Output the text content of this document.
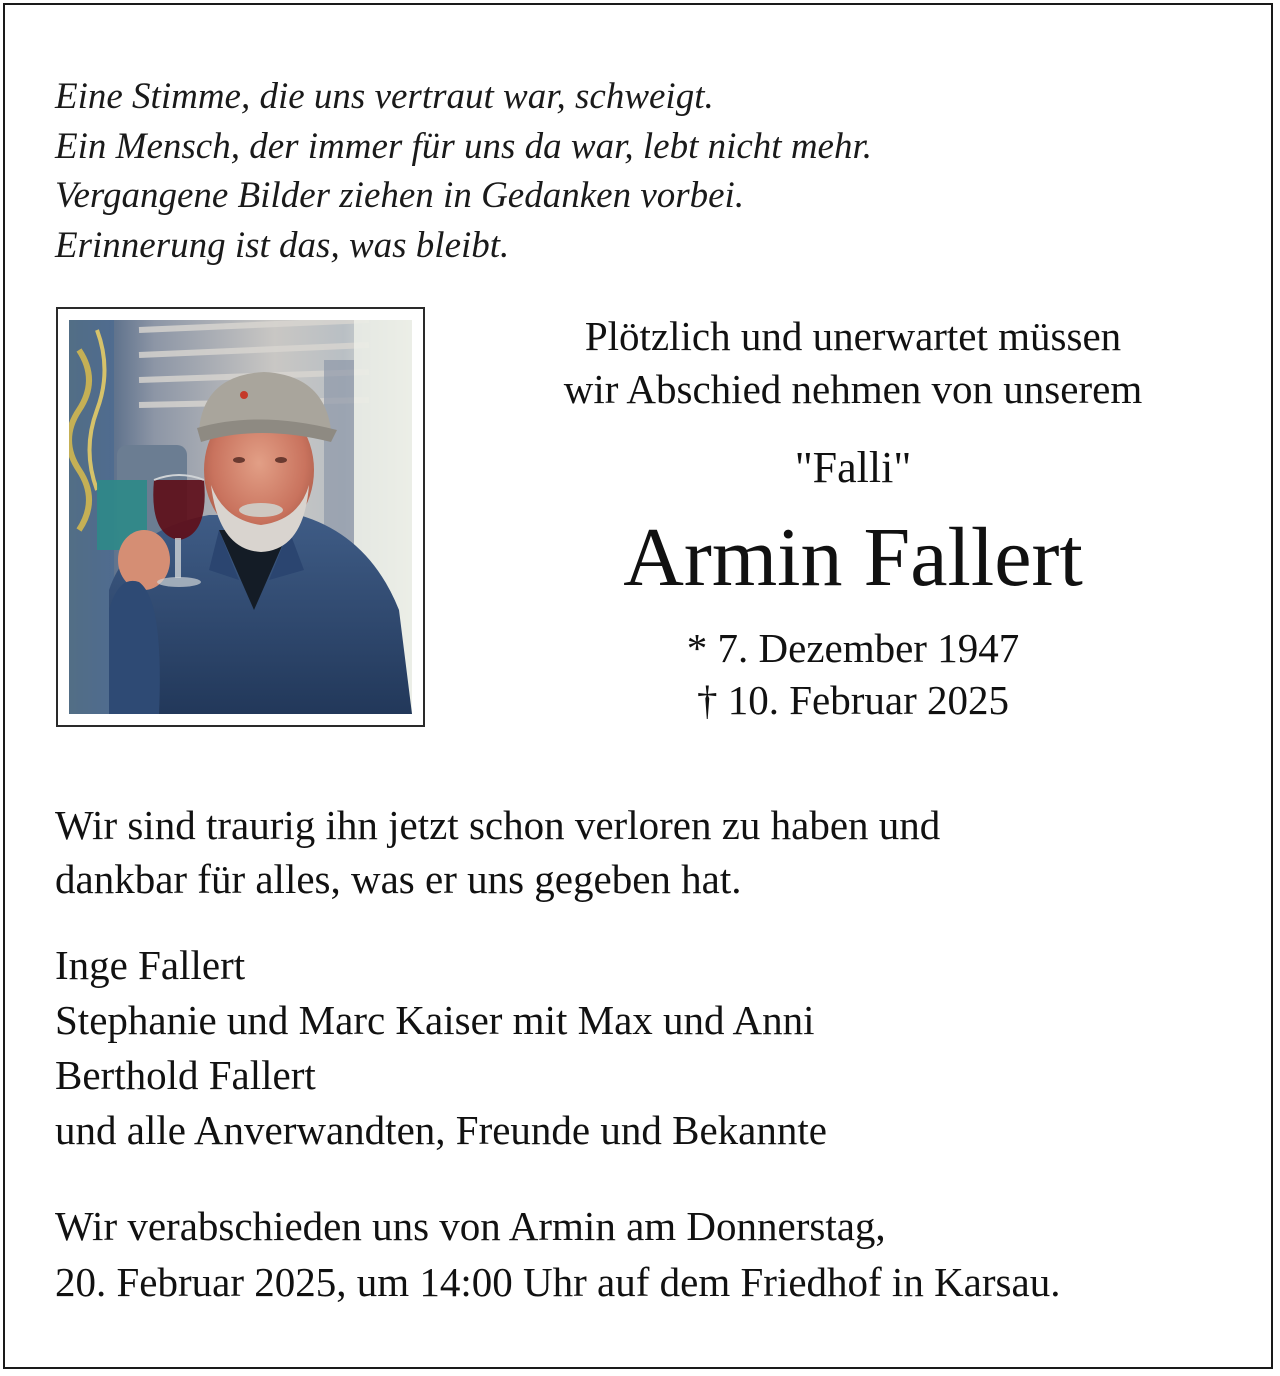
Eine Stimme, die uns vertraut war, schweigt.
Ein Mensch, der immer für uns da war, lebt nicht mehr.
Vergangene Bilder ziehen in Gedanken vorbei.
Erinnerung ist das, was bleibt.
Plötzlich und unerwartet müssen
wir Abschied nehmen von unserem
"Falli"
Armin Fallert
* 7. Dezember 1947
† 10. Februar 2025
Wir sind traurig ihn jetzt schon verloren zu haben und
dankbar für alles, was er uns gegeben hat.
Inge Fallert
Stephanie und Marc Kaiser mit Max und Anni
Berthold Fallert
und alle Anverwandten, Freunde und Bekannte
Wir verabschieden uns von Armin am Donnerstag,
20. Februar 2025, um 14:00 Uhr auf dem Friedhof in Karsau.
